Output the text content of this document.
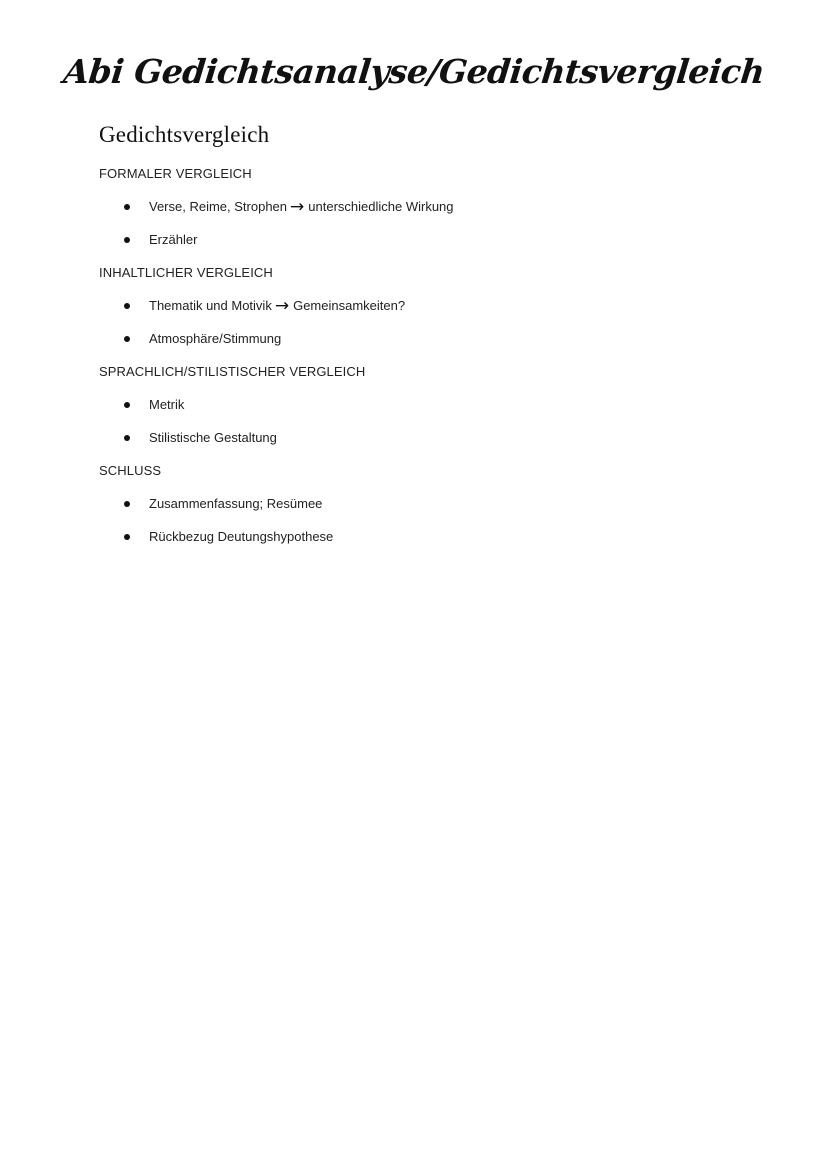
Abi Gedichtsanalyse/Gedichtsvergleich
Gedichtsvergleich
FORMALER VERGLEICH
Verse, Reime, Strophen → unterschiedliche Wirkung
Erzähler
INHALTLICHER VERGLEICH
Thematik und Motivik → Gemeinsamkeiten?
Atmosphäre/Stimmung
SPRACHLICH/STILISTISCHER VERGLEICH
Metrik
Stilistische Gestaltung
SCHLUSS
Zusammenfassung; Resümee
Rückbezug Deutungshypothese
